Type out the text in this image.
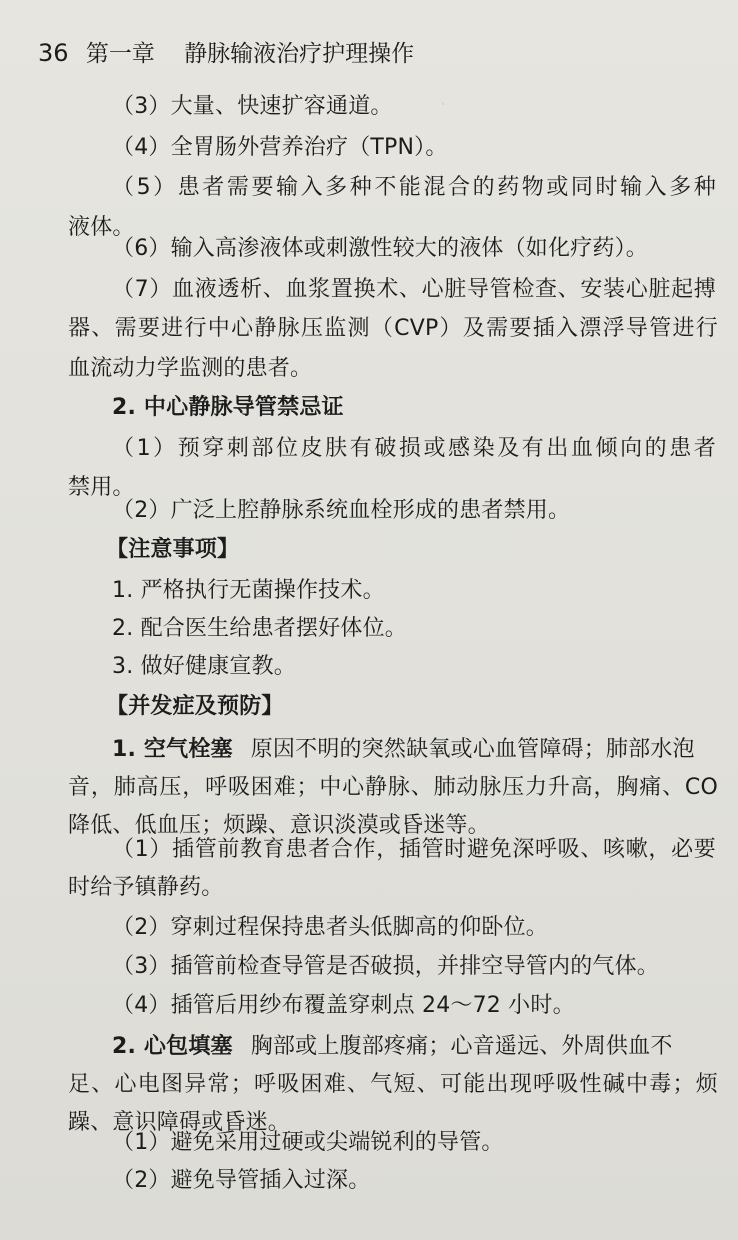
·
36 第一章 静脉输液治疗护理操作
（3）大量、快速扩容通道。
（4）全胃肠外营养治疗（TPN）。
（5）患者需要输入多种不能混合的药物或同时输入多种
液体。
（6）输入高渗液体或刺激性较大的液体（如化疗药）。
（7）血液透析、血浆置换术、心脏导管检查、安装心脏起搏
器、需要进行中心静脉压监测（CVP）及需要插入漂浮导管进行
血流动力学监测的患者。
2. 中心静脉导管禁忌证
（1）预穿刺部位皮肤有破损或感染及有出血倾向的患者
禁用。
（2）广泛上腔静脉系统血栓形成的患者禁用。
【注意事项】
1. 严格执行无菌操作技术。
2. 配合医生给患者摆好体位。
3. 做好健康宣教。
【并发症及预防】
1. 空气栓塞 原因不明的突然缺氧或心血管障碍；肺部水泡
音，肺高压，呼吸困难；中心静脉、肺动脉压力升高，胸痛、CO
降低、低血压；烦躁、意识淡漠或昏迷等。
（1）插管前教育患者合作，插管时避免深呼吸、咳嗽，必要
时给予镇静药。
（2）穿刺过程保持患者头低脚高的仰卧位。
（3）插管前检查导管是否破损，并排空导管内的气体。
（4）插管后用纱布覆盖穿刺点 24～72 小时。
2. 心包填塞 胸部或上腹部疼痛；心音遥远、外周供血不
足、心电图异常；呼吸困难、气短、可能出现呼吸性碱中毒；烦
躁、意识障碍或昏迷。
（1）避免采用过硬或尖端锐利的导管。
（2）避免导管插入过深。
